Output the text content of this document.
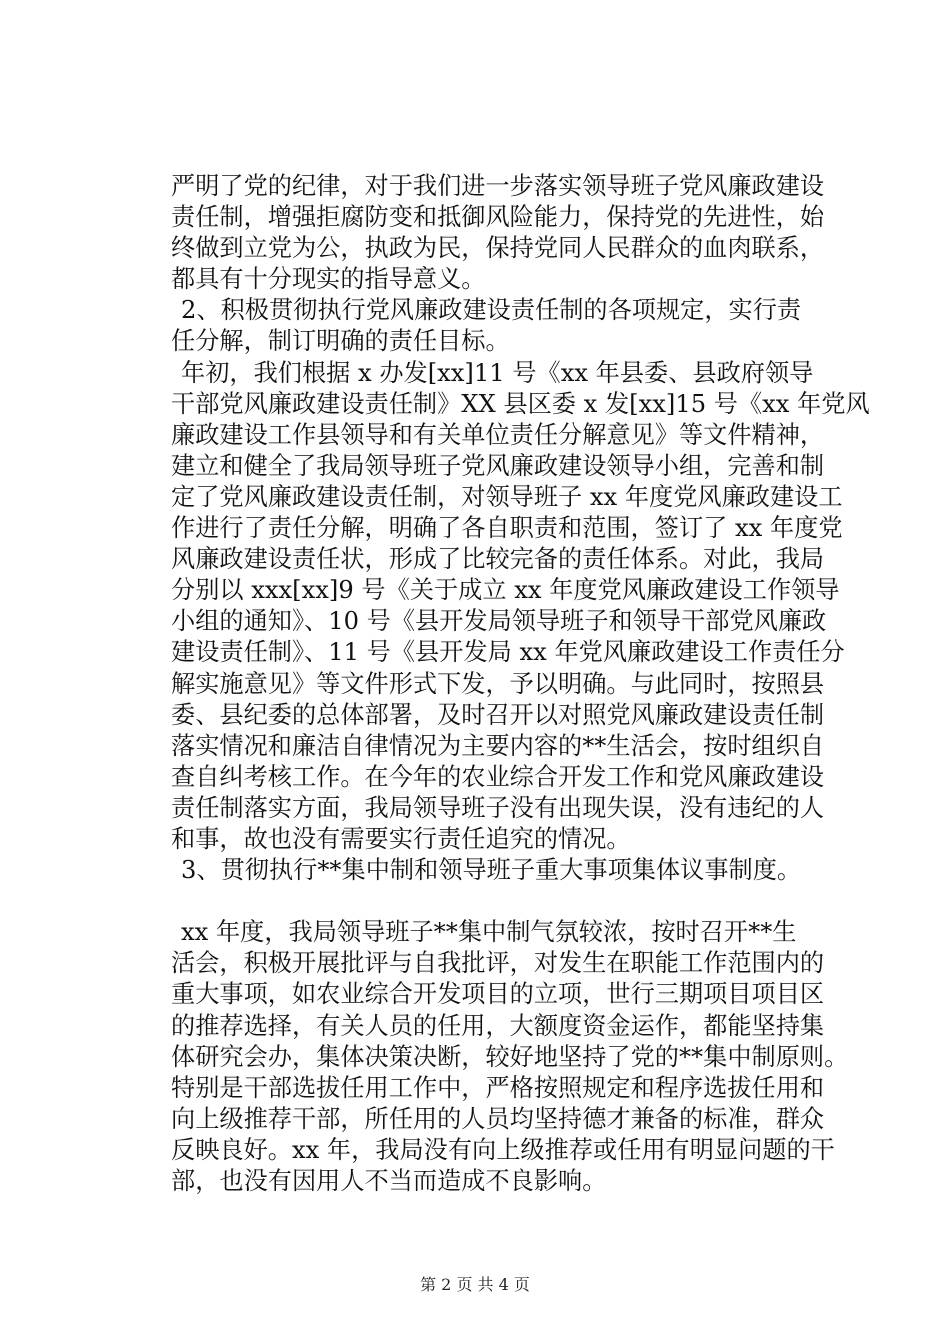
严明了党的纪律，对于我们进一步落实领导班子党风廉政建设
责任制，增强拒腐防变和抵御风险能力，保持党的先进性，始
终做到立党为公，执政为民，保持党同人民群众的血肉联系，
都具有十分现实的指导意义。
2、积极贯彻执行党风廉政建设责任制的各项规定，实行责
任分解，制订明确的责任目标。
年初，我们根据 x 办发[xx]11 号《xx 年县委、县政府领导
干部党风廉政建设责任制》XX 县区委 x 发[xx]15 号《xx 年党风
廉政建设工作县领导和有关单位责任分解意见》等文件精神，
建立和健全了我局领导班子党风廉政建设领导小组，完善和制
定了党风廉政建设责任制，对领导班子 xx 年度党风廉政建设工
作进行了责任分解，明确了各自职责和范围，签订了 xx 年度党
风廉政建设责任状，形成了比较完备的责任体系。对此，我局
分别以 xxx[xx]9 号《关于成立 xx 年度党风廉政建设工作领导
小组的通知》、10 号《县开发局领导班子和领导干部党风廉政
建设责任制》、11 号《县开发局 xx 年党风廉政建设工作责任分
解实施意见》等文件形式下发，予以明确。与此同时，按照县
委、县纪委的总体部署，及时召开以对照党风廉政建设责任制
落实情况和廉洁自律情况为主要内容的**生活会，按时组织自
查自纠考核工作。在今年的农业综合开发工作和党风廉政建设
责任制落实方面，我局领导班子没有出现失误，没有违纪的人
和事，故也没有需要实行责任追究的情况。
3、贯彻执行**集中制和领导班子重大事项集体议事制度。
xx 年度，我局领导班子**集中制气氛较浓，按时召开**生
活会，积极开展批评与自我批评，对发生在职能工作范围内的
重大事项，如农业综合开发项目的立项，世行三期项目项目区
的推荐选择，有关人员的任用，大额度资金运作，都能坚持集
体研究会办，集体决策决断，较好地坚持了党的**集中制原则。
特别是干部选拔任用工作中，严格按照规定和程序选拔任用和
向上级推荐干部，所任用的人员均坚持德才兼备的标准，群众
反映良好。xx 年，我局没有向上级推荐或任用有明显问题的干
部，也没有因用人不当而造成不良影响。
第 2 页 共 4 页
